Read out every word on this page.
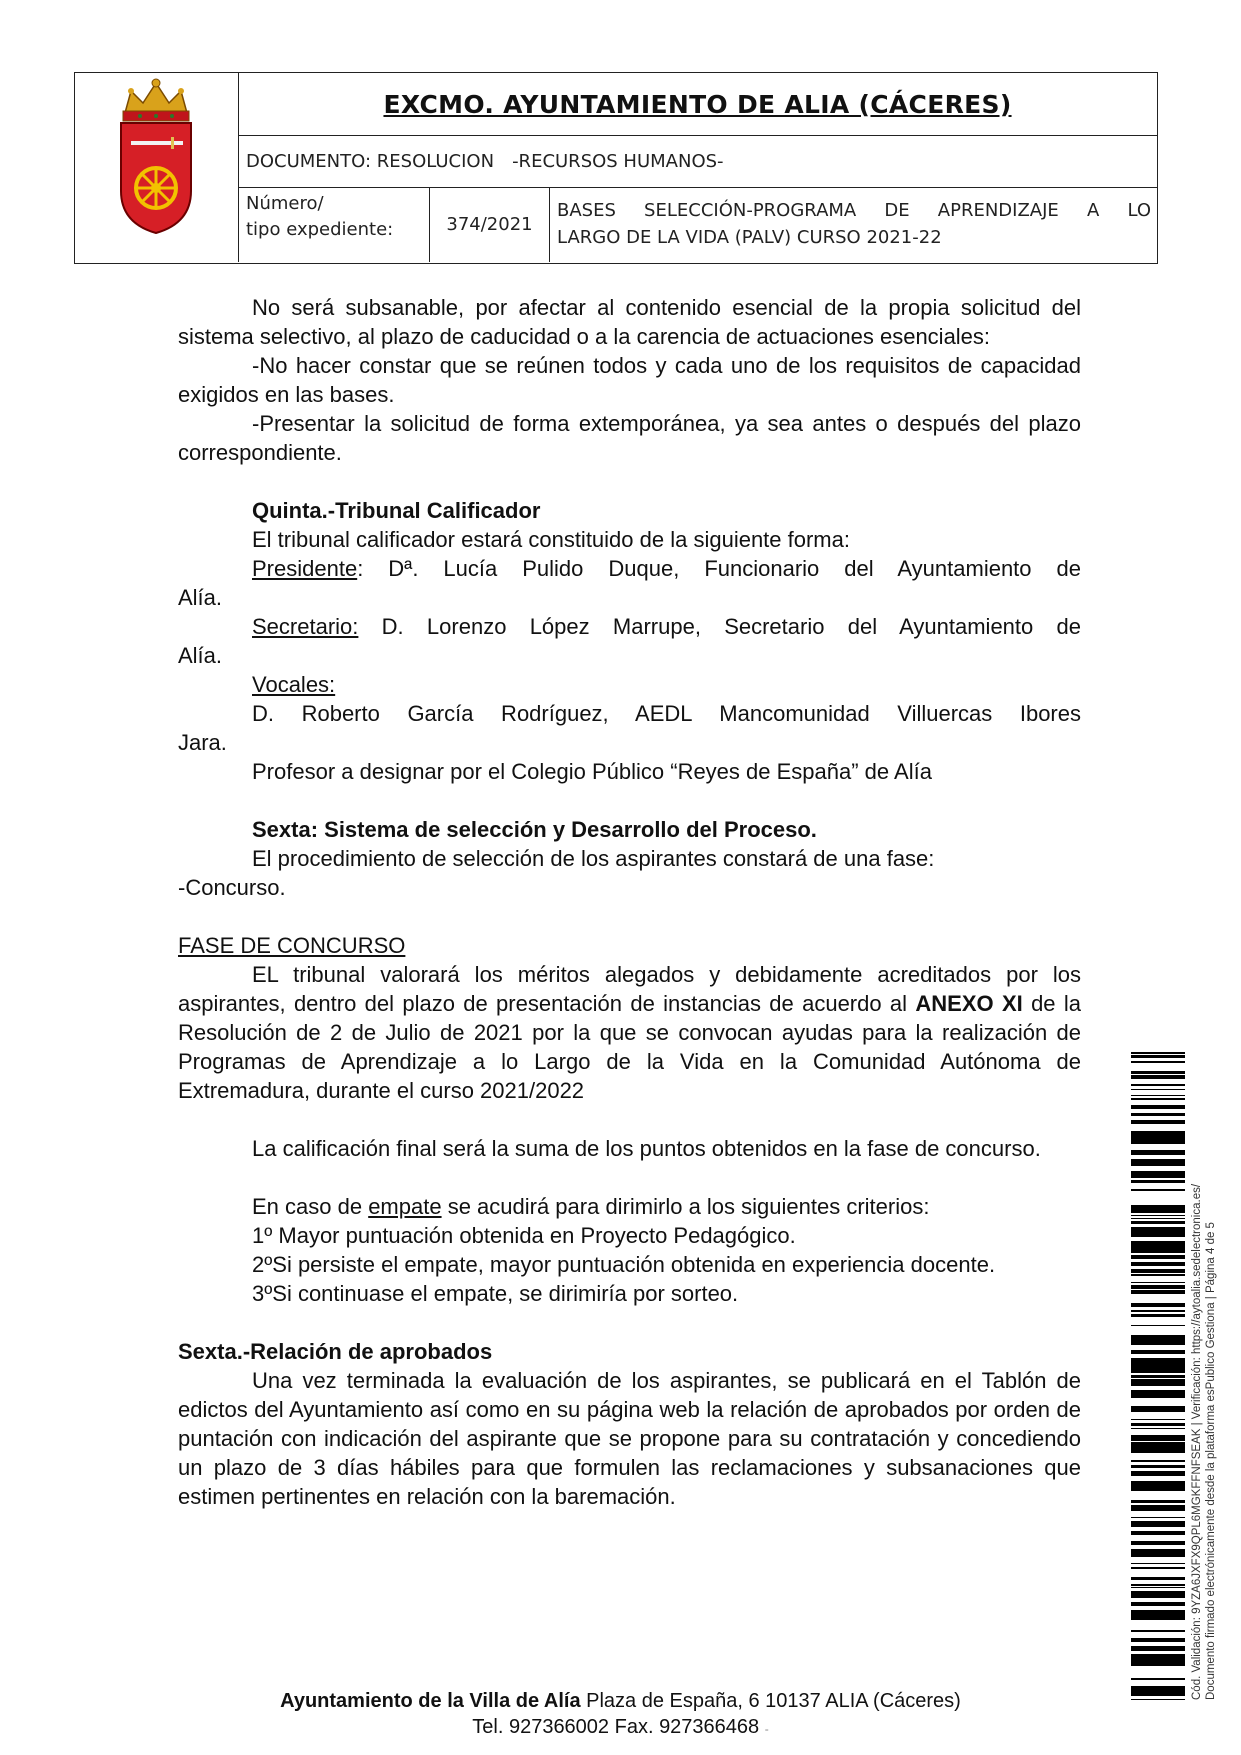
EXCMO. AYUNTAMIENTO DE ALIA (CÁCERES)
DOCUMENTO: RESOLUCION -RECURSOS HUMANOS-
Número/
tipo expediente:	374/2021
BASES SELECCIÓN-PROGRAMA DE APRENDIZAJE A LO
LARGO DE LA VIDA (PALV) CURSO 2021-22

No será subsanable, por afectar al contenido esencial de la propia solicitud del sistema selectivo, al plazo de caducidad o a la carencia de actuaciones esenciales:

-No hacer constar que se reúnen todos y cada uno de los requisitos de capacidad exigidos en las bases.

-Presentar la solicitud de forma extemporánea, ya sea antes o después del plazo correspondiente.

Quinta.-Tribunal Calificador

El tribunal calificador estará constituido de la siguiente forma:

Presidente: Dª. Lucía Pulido Duque, Funcionario del Ayuntamiento de

Alía.

Secretario: D. Lorenzo López Marrupe, Secretario del Ayuntamiento de

Alía.

Vocales:

D. Roberto García Rodríguez, AEDL Mancomunidad Villuercas Ibores

Jara.

Profesor a designar por el Colegio Público “Reyes de España” de Alía

Sexta: Sistema de selección y Desarrollo del Proceso.

El procedimiento de selección de los aspirantes constará de una fase:

-Concurso.

FASE DE CONCURSO

EL tribunal valorará los méritos alegados y debidamente acreditados por los aspirantes, dentro del plazo de presentación de instancias de acuerdo al ANEXO XI de la Resolución de 2 de Julio de 2021 por la que se convocan ayudas para la realización de Programas de Aprendizaje a lo Largo de la Vida en la Comunidad Autónoma de Extremadura, durante el curso 2021/2022

La calificación final será la suma de los puntos obtenidos en la fase de concurso.

En caso de empate se acudirá para dirimirlo a los siguientes criterios:

1º Mayor puntuación obtenida en Proyecto Pedagógico.

2ºSi persiste el empate, mayor puntuación obtenida en experiencia docente.

3ºSi continuase el empate, se dirimiría por sorteo.

Sexta.-Relación de aprobados

Una vez terminada la evaluación de los aspirantes, se publicará en el Tablón de edictos del Ayuntamiento así como en su página web la relación de aprobados por orden de puntación con indicación del aspirante que se propone para su contratación y concediendo un plazo de 3 días hábiles para que formulen las reclamaciones y subsanaciones que estimen pertinentes en relación con la baremación.	Cód. Validación: 9YZA6JXFX9QPL6MGKFFNFSEAK | Verificación: https://aytoalia.sedelectronica.es/ Documento firmado electrónicamente desde la plataforma esPublico Gestiona | Página 4 de 5
Ayuntamiento de la Villa de Alía Plaza de España, 6 10137 ALIA (Cáceres)
Tel. 927366002 Fax. 927366468 -
